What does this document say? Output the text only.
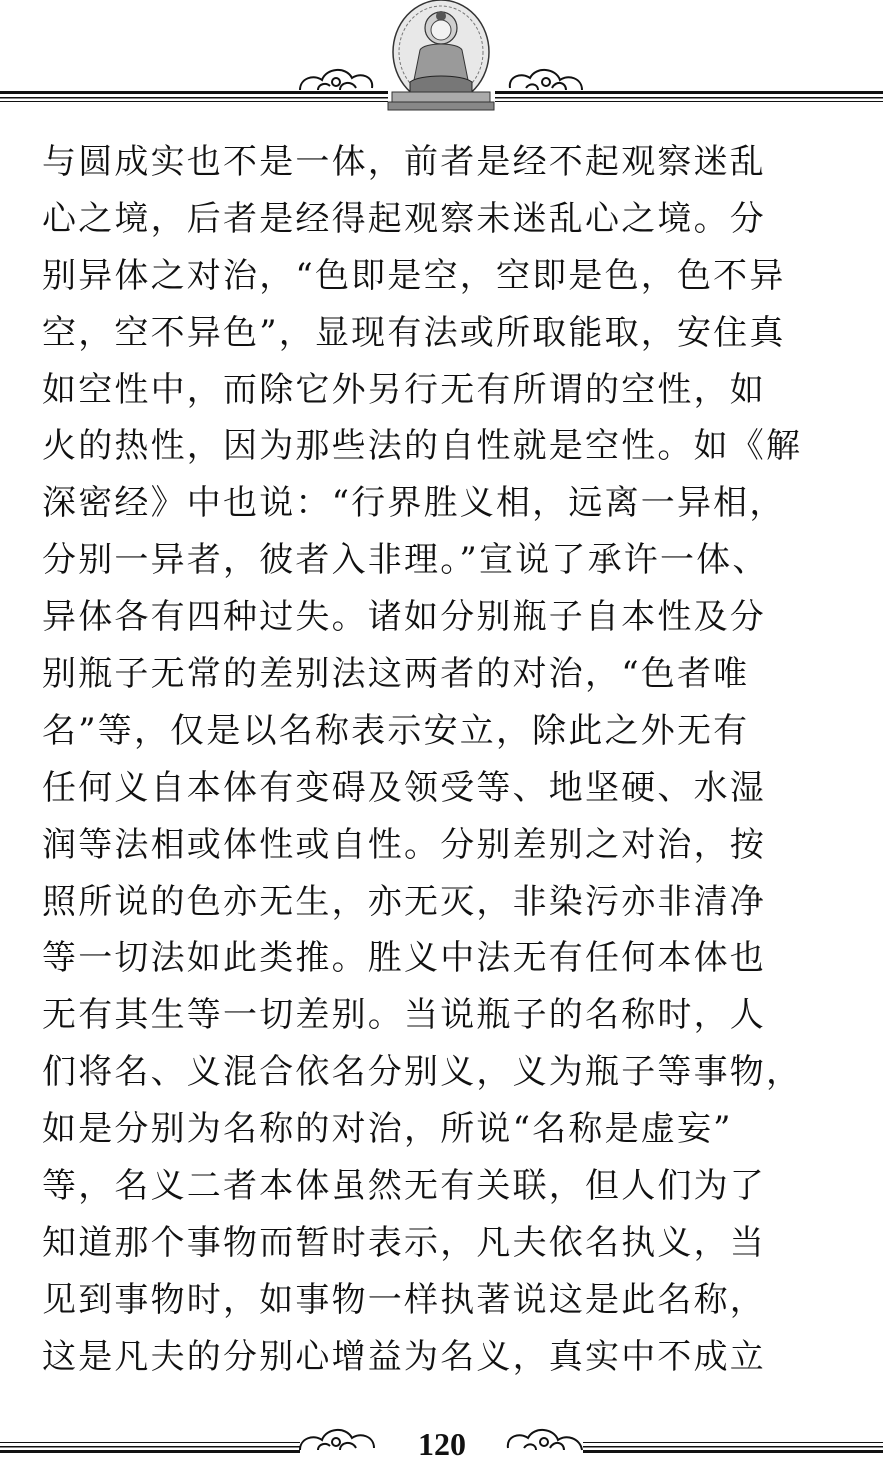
与圆成实也不是一体，前者是经不起观察迷乱
心之境，后者是经得起观察未迷乱心之境。分
别异体之对治，“色即是空，空即是色，色不异
空，空不异色”，显现有法或所取能取，安住真
如空性中，而除它外另行无有所谓的空性，如
火的热性，因为那些法的自性就是空性。如《解
深密经》中也说：“行界胜义相，远离一异相，
分别一异者，彼者入非理。”宣说了承许一体、
异体各有四种过失。诸如分别瓶子自本性及分
别瓶子无常的差别法这两者的对治，“色者唯
名”等，仅是以名称表示安立，除此之外无有
任何义自本体有变碍及领受等、地坚硬、水湿
润等法相或体性或自性。分别差别之对治，按
照所说的色亦无生，亦无灭，非染污亦非清净
等一切法如此类推。胜义中法无有任何本体也
无有其生等一切差别。当说瓶子的名称时，人
们将名、义混合依名分别义，义为瓶子等事物，
如是分别为名称的对治，所说“名称是虚妄”
等，名义二者本体虽然无有关联，但人们为了
知道那个事物而暂时表示，凡夫依名执义，当
见到事物时，如事物一样执著说这是此名称，
这是凡夫的分别心增益为名义，真实中不成立
120
